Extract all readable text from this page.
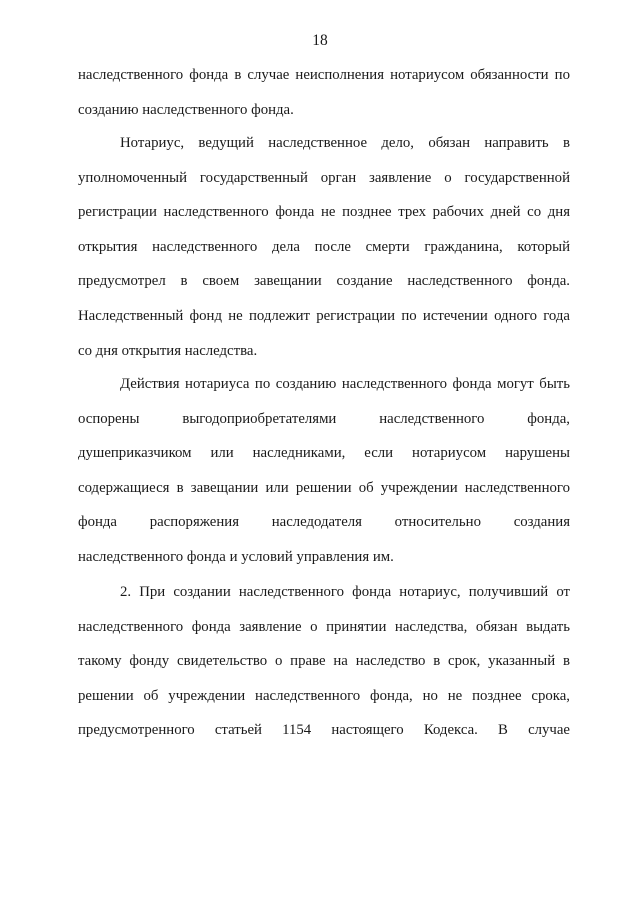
18
наследственного фонда в случае неисполнения нотариусом обязанности по
созданию наследственного фонда.
Нотариус, ведущий наследственное дело, обязан направить в
уполномоченный государственный орган заявление о государственной
регистрации наследственного фонда не позднее трех рабочих дней со дня
открытия наследственного дела после смерти гражданина, который
предусмотрел в своем завещании создание наследственного фонда.
Наследственный фонд не подлежит регистрации по истечении одного года
со дня открытия наследства.
Действия нотариуса по созданию наследственного фонда могут быть
оспорены выгодоприобретателями наследственного фонда,
душеприказчиком или наследниками, если нотариусом нарушены
содержащиеся в завещании или решении об учреждении наследственного
фонда распоряжения наследодателя относительно создания
наследственного фонда и условий управления им.
2. При создании наследственного фонда нотариус, получивший от
наследственного фонда заявление о принятии наследства, обязан выдать
такому фонду свидетельство о праве на наследство в срок, указанный в
решении об учреждении наследственного фонда, но не позднее срока,
предусмотренного статьей 1154 настоящего Кодекса. В случае
